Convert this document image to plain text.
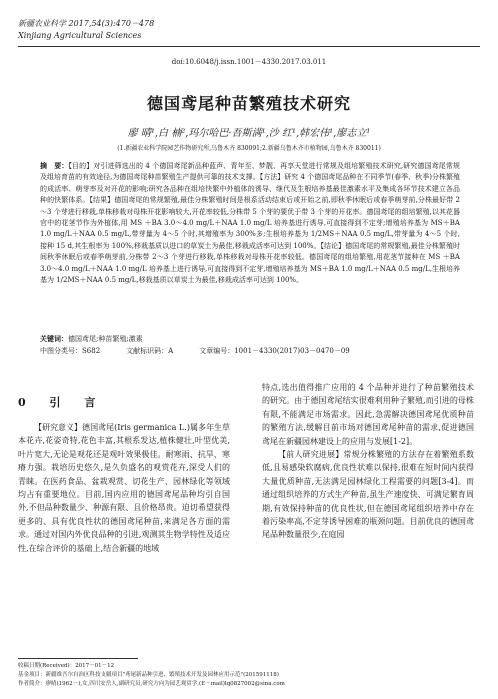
新疆农业科学 2017,54(3):470－478
Xinjiang Agricultural Sciences
doi:10.6048/j.issn.1001－4330.2017.03.011
德国鸢尾种苗繁殖技术研究
廖 晴¹,白 楠²,玛尔哈巴·吾斯满¹,沙 红¹,韩宏伟¹,廖志立¹
(1.新疆农业科学院园艺作物研究所,乌鲁木齐 830091;2.新疆乌鲁木齐市植物园,乌鲁木齐 830011)
摘　要：【目的】对引进筛选出的 4 个德国鸢尾新品种蓝声、青年至、梦靓、再享天堂进行常规及组培繁殖技术研究,研究德国鸢尾常规及组培育苗的有效途径,为德国鸢尾种苗繁殖生产提供可靠的技术支撑。【方法】研究 4 个德国鸢尾品种在不同季节(春季、秋季)分株繁殖的成活率、萌芽率及对开花的影响;研究各品种在组培快繁中外植体的诱导、继代及生根培养基最佳激素水平及集成各环节技术建立各品种的快繁体系。【结果】德国鸢尾的常规繁殖,最佳分株繁殖时间是根系活动结束后或开始之前,即秋季休眠后或春季萌芽前,分株最好带 2～3 个芽进行移栽,单株移栽对母株开花影响较大,开花率较低,分株带 5 个芽的要优于带 3 个芽的开花率。德国鸢尾的组培繁殖,以其花器官中的花茎节作为外植体,用 MS ＋BA 3.0～4.0 mg/L＋NAA 1.0 mg/L 培养基进行诱导,可直接得到不定芽;增殖培养基为 MS＋BA 1.0 mg/L＋NAA 0.5 mg/L,带芽量为 4～5 个时,其增殖率为 300%多;生根培养基为 1/2MS＋NAA 0.5 mg/L,带芽量为 4～5 个时,接种 15 d,其生根率为 100%,移栽基质以进口的草炭土为最佳,移栽成活率可达到 100%。【结论】德国鸢尾的常规繁殖,最佳分株繁殖时间秋季休眠后或春季萌芽前,分株带 2～3 个芽进行移栽,单株移栽对母株开花率较低。德国鸢尾的组培繁殖,用花茎节接种在 MS ＋BA 3.0～4.0 mg/L＋NAA 1.0 mg/L 培养基上进行诱导,可直接得到不定芽,增殖培养基为 MS＋BA 1.0 mg/L＋NAA 0.5 mg/L,生根培养基为 1/2MS＋NAA 0.5 mg/L,移栽基质以草炭土为最佳,移栽成活率可达到 100%。
关键词：德国鸢尾;种苗繁殖;激素
中图分类号：S682	文献标识码：A	文章编号：1001－4330(2017)03－0470－09
0 引 言

【研究意义】德国鸢尾(Iris germanica L.)属多年生草本花卉,花姿奇特,花色丰富,其根系发达,植株健壮,叶型优美,叶片宽大,无论是观花还是观叶效果极佳。耐寒雨、抗旱、寒瘠力强。栽培历史悠久,是久负盛名的观赏花卉,深受人们的青睐。在医药食品、盆栽观赏、切花生产、园林绿化等领域均占有重要地位。目前,国内应用的德国鸢尾品种均引自国外,不但品种数量少、种源有限、且价格昂贵。迫切希望获得更多的、具有优良性状的德国鸢尾种苗,来满足各方面的需求。通过对国内外优良品种的引进,观测其生物学特性及适应性,在综合评价的基础上,结合新疆的地域

特点,选出值得推广应用的 4 个品种并进行了种苗繁殖技术的研究。由于德国鸢尾结实很难利用种子繁殖,而引进的母株有限,不能满足市场需求。因此,急需解决德国鸢尾优质种苗的繁殖方法,缓解目前市场对德国鸢尾种苗的需求,促进德国鸢尾在新疆园林建设上的应用与发展[1-2]。

【前人研究进展】常规分株繁殖的方法存在着繁殖系数低,且易感染软腐病,优良性状难以保持,很难在短时间内获得大量优质种苗,无法满足园林绿化工程需要的问题[3-4]。而通过组织培养的方式生产种苗,虽生产速度快、可满足繁育周期,有效保持种苗的优良性状,但在德国鸢尾组织培养中存在着污染率高,不定芽诱导困难的瓶颈问题。目前优良的德国鸢尾品种数量很少,在庭园

收稿日期(Received)：2017－01－12
基金项目：新疆维吾尔自治区科技支疆项目"鸢尾新品种引进、繁殖技术开发及园林应用示范"(201591118)
作者简介：廖晴(1962－),女,四川安岳人,副研究员,研究方向为园艺观赏学,(E－mail)lq0827002@sina.com
